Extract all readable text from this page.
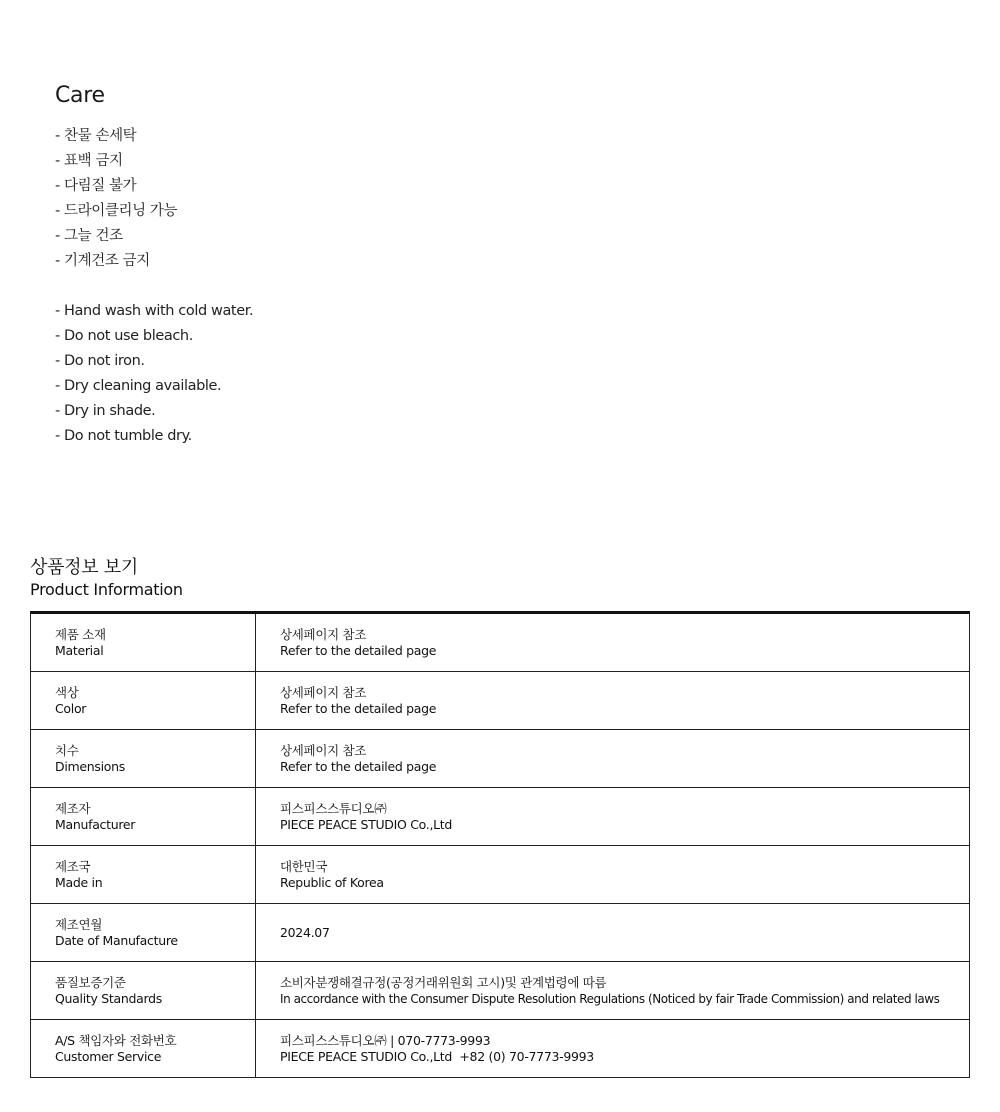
Care
- 찬물 손세탁
- 표백 금지
- 다림질 불가
- 드라이클리닝 가능
- 그늘 건조
- 기계건조 금지
- Hand wash with cold water.
- Do not use bleach.
- Do not iron.
- Dry cleaning available.
- Dry in shade.
- Do not tumble dry.
상품정보 보기
Product Information
제품 소재
Material	상세페이지 참조
Refer to the detailed page

색상
Color	상세페이지 참조
Refer to the detailed page

치수
Dimensions	상세페이지 참조
Refer to the detailed page

제조자
Manufacturer	피스피스스튜디오㈜
PIECE PEACE STUDIO Co.,Ltd

제조국
Made in	대한민국
Republic of Korea

제조연월
Date of Manufacture	2024.07

품질보증기준
Quality Standards	소비자분쟁해결규정(공정거래위원회 고시)및 관계법령에 따름
In accordance with the Consumer Dispute Resolution Regulations (Noticed by fair Trade Commission) and related laws

A/S 책임자와 전화번호
Customer Service	피스피스스튜디오㈜ | 070-7773-9993
PIECE PEACE STUDIO Co.,Ltd  +82 (0) 70-7773-9993
